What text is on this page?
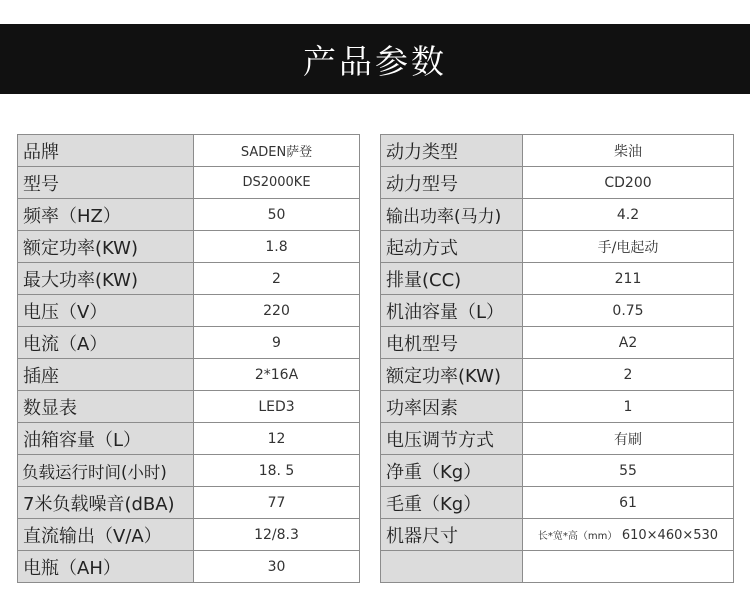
产品参数
品牌	SADEN萨登
型号	DS2000KE
频率（HZ）	50
额定功率(KW)	1.8
最大功率(KW)	2
电压（V）	220
电流（A）	9
插座	2*16A
数显表	LED3
油箱容量（L）	12
负载运行时间(小时)	18. 5
7米负载噪音(dBA)	77
直流输出（V/A）	12/8.3
电瓶（AH）	30
动力类型	柴油
动力型号	CD200
输出功率(马力)	4.2
起动方式	手/电起动
排量(CC)	211
机油容量（L）	0.75
电机型号	A2
额定功率(KW)	2
功率因素	1
电压调节方式	有刷
净重（Kg）	55
毛重（Kg）	61
机器尺寸	长*宽*高（mm） 610×460×530
